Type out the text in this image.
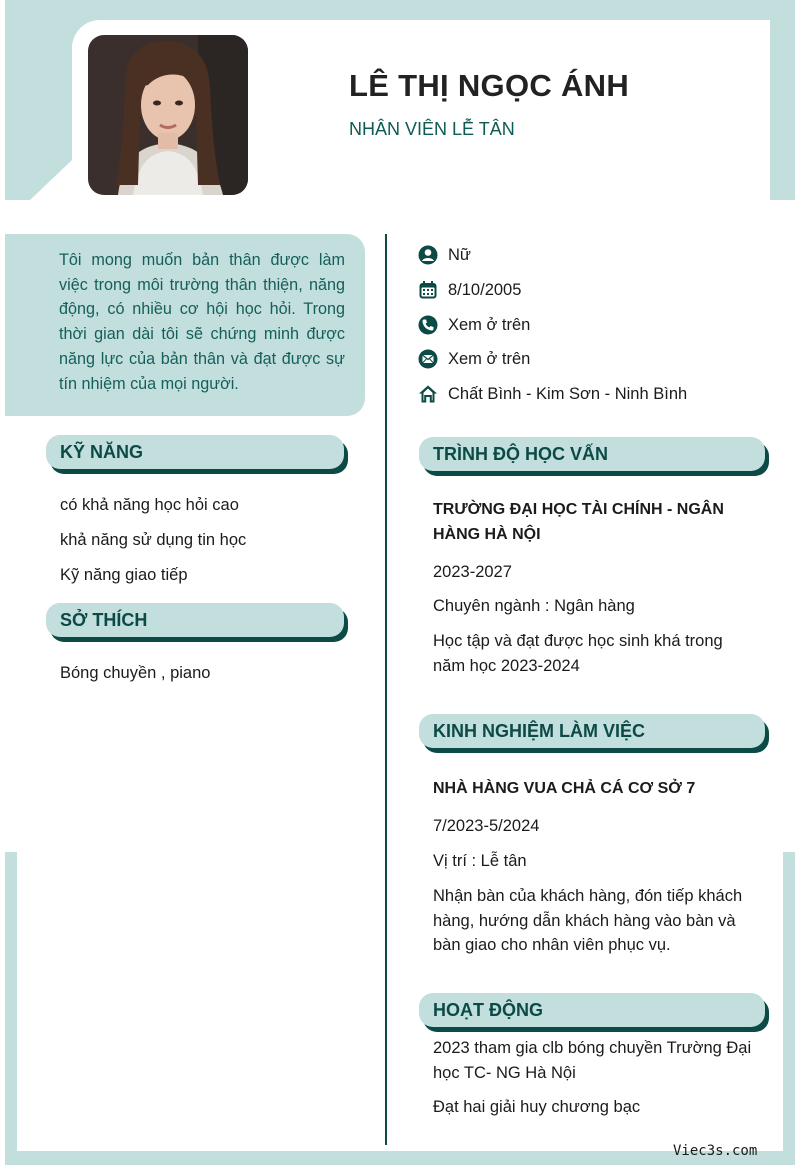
LÊ THỊ NGỌC ÁNH
NHÂN VIÊN LỄ TÂN
Tôi mong muốn bản thân được làm việc trong môi trường thân thiện, năng động, có nhiều cơ hội học hỏi. Trong thời gian dài tôi sẽ chứng minh được năng lực của bản thân và đạt được sự tín nhiệm của mọi người.
Nữ
8/10/2005
Xem ở trên
Xem ở trên
Chất Bình - Kim Sơn - Ninh Bình
KỸ NĂNG
có khả năng học hỏi cao
khả năng sử dụng tin học
Kỹ năng giao tiếp
SỞ THÍCH
Bóng chuyền , piano
TRÌNH ĐỘ HỌC VẤN
TRƯỜNG ĐẠI HỌC TÀI CHÍNH - NGÂN HÀNG HÀ NỘI
2023-2027
Chuyên ngành : Ngân hàng
Học tập và đạt được học sinh khá trong năm học 2023-2024
KINH NGHIỆM LÀM VIỆC
NHÀ HÀNG VUA CHẢ CÁ CƠ SỞ 7
7/2023-5/2024
Vị trí : Lễ tân
Nhận bàn của khách hàng, đón tiếp khách hàng, hướng dẫn khách hàng vào bàn và bàn giao cho nhân viên phục vụ.
HOẠT ĐỘNG
2023 tham gia clb bóng chuyền Trường Đại học TC- NG Hà Nội
Đạt hai giải huy chương bạc
Viec3s.com
